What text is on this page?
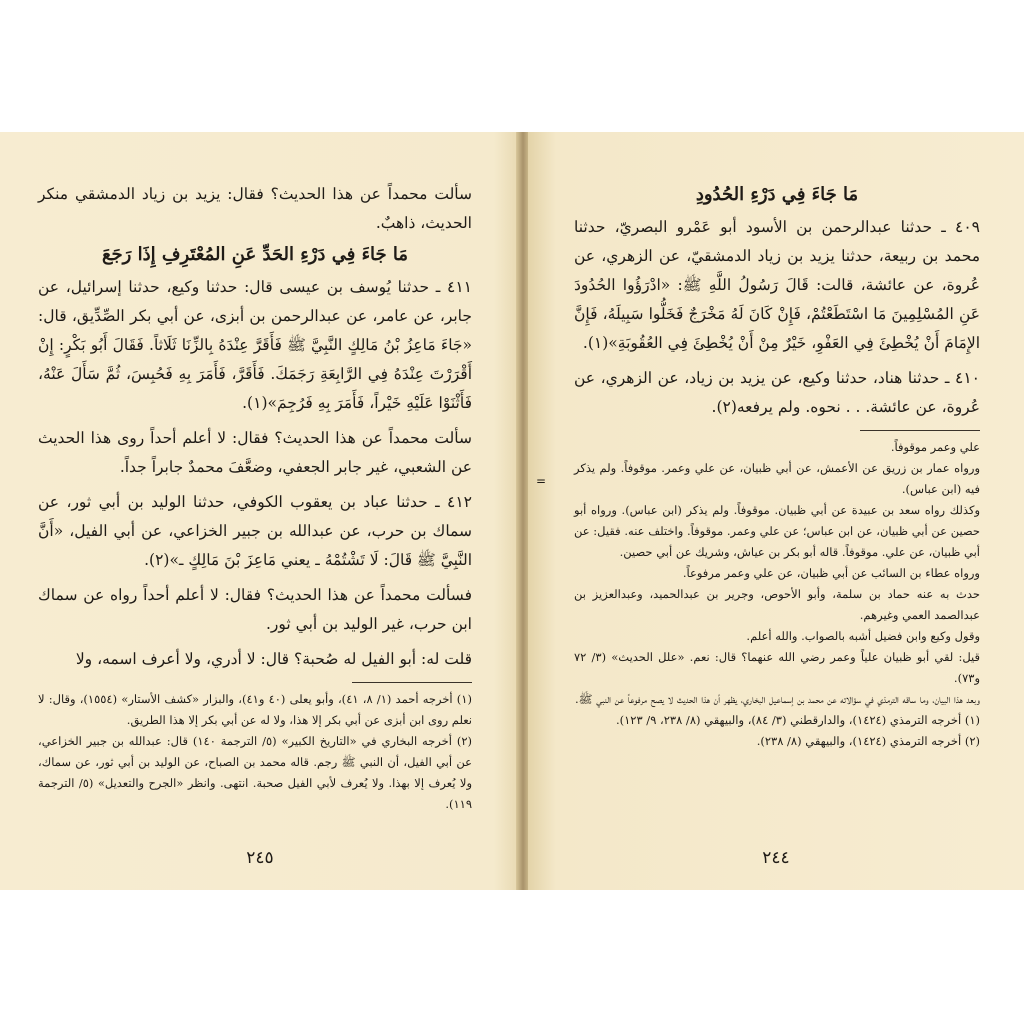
سألت محمداً عن هذا الحديث؟ فقال: يزيد بن زياد الدمشقي منكر الحديث، ذاهبٌ.

مَا جَاءَ فِي دَرْءِ الحَدِّ عَنِ المُعْتَرِفِ إِذَا رَجَعَ

٤١١ ـ حدثنا يُوسف بن عيسى قال: حدثنا وكيع، حدثنا إسرائيل، عن جابر، عن عامر، عن عبدالرحمن بن أبزى، عن أبي بكر الصِّدِّيق، قال: «جَاءَ مَاعِزُ بْنُ مَالِكٍ النَّبِيَّ ﷺ فَأَقَرَّ عِنْدَهُ بِالزِّنَا ثَلَاثاً. فَقَالَ أَبُو بَكْرٍ: إِنْ أَقْرَرْتَ عِنْدَهُ فِي الرَّابِعَةِ رَجَمَكَ. فَأَقَرَّ، فَأَمَرَ بِهِ فَحُبِسَ، ثُمَّ سَأَلَ عَنْهُ، فَأَثْنَوْا عَلَيْهِ خَيْراً، فَأَمَرَ بِهِ فَرُجِمَ»(١).

سألت محمداً عن هذا الحديث؟ فقال: لا أعلم أحداً روى هذا الحديث عن الشعبي، غير جابر الجعفي، وضعَّفَ محمدٌ جابراً جداً.

٤١٢ ـ حدثنا عباد بن يعقوب الكوفي، حدثنا الوليد بن أبي ثور، عن سماك بن حرب، عن عبدالله بن جبير الخزاعي، عن أبي الفيل، «أَنَّ النَّبِيَّ ﷺ قَالَ: لَا تَشْتُمْهُ ـ يعني مَاعِزَ بْنَ مَالِكٍ ـ»(٢).

فسألت محمداً عن هذا الحديث؟ فقال: لا أعلم أحداً رواه عن سماك ابن حرب، غير الوليد بن أبي ثور.

قلت له: أبو الفيل له صُحبة؟ قال: لا أدري، ولا أعرف اسمه، ولا

(١) أخرجه أحمد (١/ ٨، ٤١)، وأبو يعلى (٤٠ و٤١)، والبزار «كشف الأستار» (١٥٥٤)، وقال: لا نعلم روى ابن أبزى عن أبي بكر إلا هذا، ولا له عن أبي بكر إلا هذا الطريق.

(٢) أخرجه البخاري في «التاريخ الكبير» (٥/ الترجمة ١٤٠) قال: عبدالله بن جبير الخزاعي، عن أبي الفيل، أن النبي ﷺ رجم. قاله محمد بن الصباح، عن الوليد بن أبي ثور، عن سماك، ولا يُعرف إلا بهذا. ولا يُعرف لأبي الفيل صحبة. انتهى. وانظر «الجرح والتعديل» (٥/ الترجمة ١١٩).

٢٤٥
مَا جَاءَ فِي دَرْءِ الحُدُودِ

٤٠٩ ـ حدثنا عبدالرحمن بن الأسود أبو عَمْرو البصريّ، حدثنا محمد بن ربيعة، حدثنا يزيد بن زياد الدمشقيّ، عن الزهري، عن عُروة، عن عائشة، قالت: قَالَ رَسُولُ اللَّهِ ﷺ: «ادْرَؤُوا الحُدُودَ عَنِ المُسْلِمِينَ مَا اسْتَطَعْتُمْ، فَإِنْ كَانَ لَهُ مَخْرَجٌ فَخَلُّوا سَبِيلَهُ، فَإِنَّ الإِمَامَ أَنْ يُخْطِئَ فِي العَفْوِ، خَيْرٌ مِنْ أَنْ يُخْطِئَ فِي العُقُوبَةِ»(١).

٤١٠ ـ حدثنا هناد، حدثنا وكيع، عن يزيد بن زياد، عن الزهري، عن عُروة، عن عائشة. . . نحوه. ولم يرفعه(٢).

=

علي وعمر موقوفاً.

ورواه عمار بن زريق عن الأعمش، عن أبي ظبيان، عن علي وعمر. موقوفاً. ولم يذكر فيه (ابن عباس).

وكذلك رواه سعد بن عبيدة عن أبي ظبيان. موقوفاً. ولم يذكر (ابن عباس). ورواه أبو حصين عن أبي ظبيان، عن ابن عباس؛ عن علي وعمر. موقوفاً. واختلف عنه. فقيل: عن أبي ظبيان، عن علي. موقوفاً. قاله أبو بكر بن عياش، وشريك عن أبي حصين.

ورواه عطاء بن السائب عن أبي ظبيان، عن علي وعمر مرفوعاً.

حدث به عنه حماد بن سلمة، وأبو الأحوص، وجرير بن عبدالحميد، وعبدالعزيز بن عبدالصمد العمي وغيرهم.

وقول وكيع وابن فضيل أشبه بالصواب. والله أعلم.

قيل: لقي أبو ظبيان علياً وعمر رضي الله عنهما؟ قال: نعم. «علل الحديث» (٣/ ٧٢ و٧٣).

وبعد هذا البيان، وما ساقه الترمذي في سؤالاته عن محمد بن إسماعيل البخاري، يظهر أن هذا الحديث لا يصح مرفوعاً عن النبي ﷺ.

(١) أخرجه الترمذي (١٤٢٤)، والدارقطني (٣/ ٨٤)، والبيهقي (٨/ ٢٣٨، ٩/ ١٢٣).

(٢) أخرجه الترمذي (١٤٢٤)، والبيهقي (٨/ ٢٣٨).

٢٤٤
